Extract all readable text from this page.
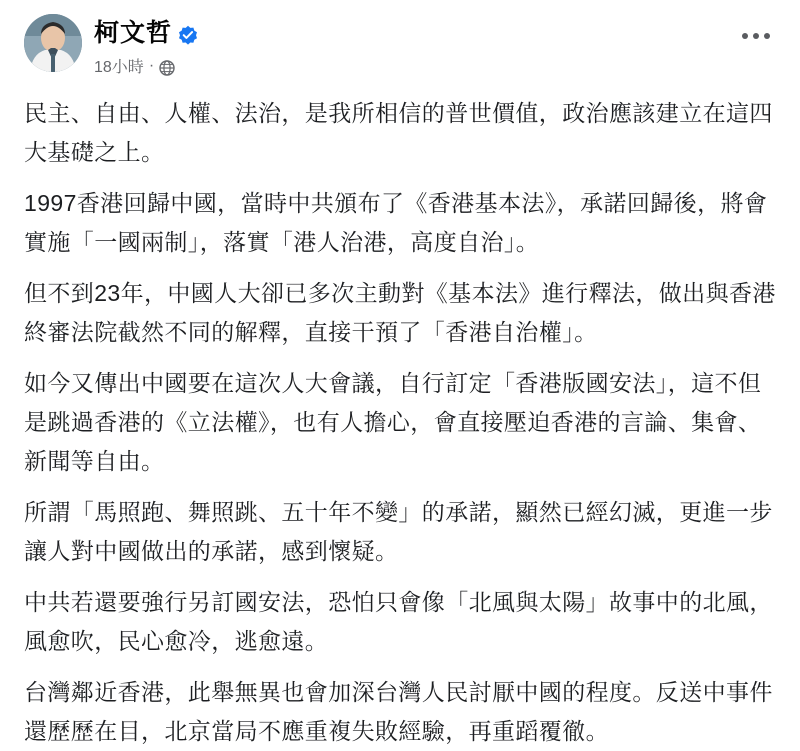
柯文哲
18小時 ·

民主、自由、人權、法治，是我所相信的普世價值，政治應該建立在這四大基礎之上。

1997香港回歸中國，當時中共頒布了《香港基本法》，承諾回歸後，將會實施「一國兩制」，落實「港人治港，高度自治」。

但不到23年，中國人大卻已多次主動對《基本法》進行釋法，做出與香港終審法院截然不同的解釋，直接干預了「香港自治權」。

如今又傳出中國要在這次人大會議，自行訂定「香港版國安法」，這不但是跳過香港的《立法權》，也有人擔心，會直接壓迫香港的言論、集會、新聞等自由。

所謂「馬照跑、舞照跳、五十年不變」的承諾，顯然已經幻滅，更進一步讓人對中國做出的承諾，感到懷疑。

中共若還要強行另訂國安法，恐怕只會像「北風與太陽」故事中的北風，風愈吹，民心愈冷，逃愈遠。

台灣鄰近香港，此舉無異也會加深台灣人民討厭中國的程度。反送中事件還歷歷在目，北京當局不應重複失敗經驗，再重蹈覆徹。
